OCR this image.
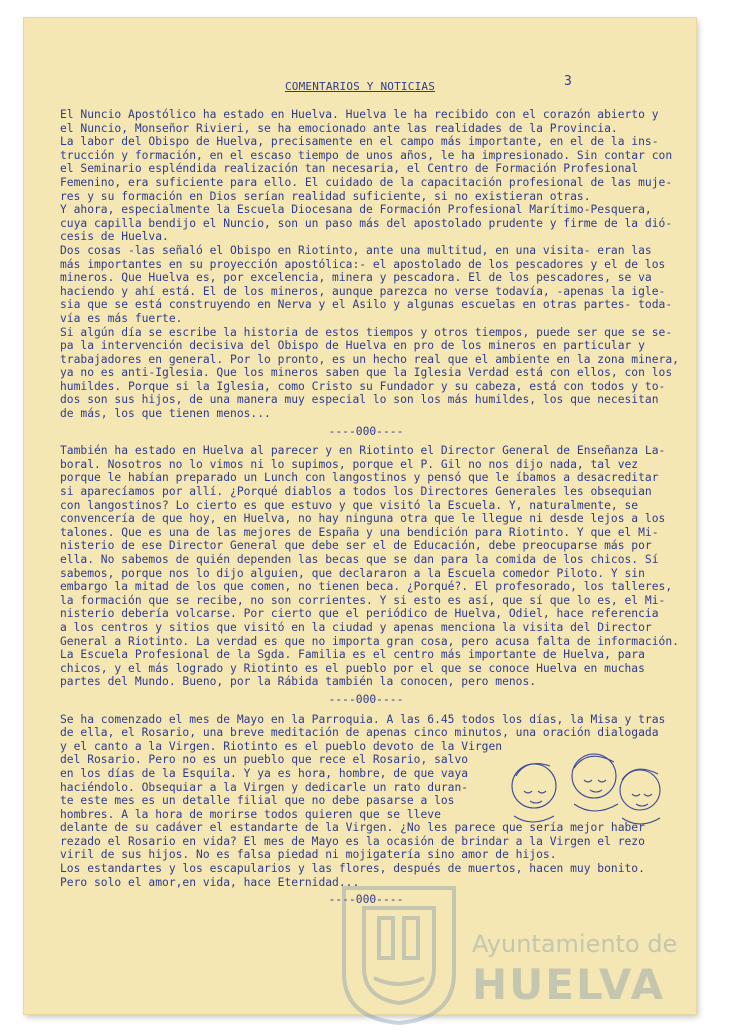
COMENTARIOS Y NOTICIAS	3
El Nuncio Apostólico ha estado en Huelva. Huelva le ha recibido con el corazón abierto y
el Nuncio, Monseñor Rivieri, se ha emocionado ante las realidades de la Provincia.
La labor del Obispo de Huelva, precisamente en el campo más importante, en el de la ins-
trucción y formación, en el escaso tiempo de unos años, le ha impresionado. Sin contar con
el Seminario espléndida realización tan necesaria, el Centro de Formación Profesional
Femenino, era suficiente para ello. El cuidado de la capacitación profesional de las muje-
res y su formación en Dios serían realidad suficiente, si no existieran otras.
Y ahora, especialmente la Escuela Diocesana de Formación Profesional Marítimo-Pesquera,
cuya capilla bendijo el Nuncio, son un paso más del apostolado prudente y firme de la dió-
cesis de Huelva.
Dos cosas -las señaló el Obispo en Riotinto, ante una multitud, en una visita- eran las
más importantes en su proyección apostólica:- el apostolado de los pescadores y el de los
mineros. Que Huelva es, por excelencia, minera y pescadora. El de los pescadores, se va
haciendo y ahí está. El de los mineros, aunque parezca no verse todavía, -apenas la igle-
sia que se está construyendo en Nerva y el Asilo y algunas escuelas en otras partes- toda-
vía es más fuerte.
Si algún día se escribe la historia de estos tiempos y otros tiempos, puede ser que se se-
pa la intervención decisiva del Obispo de Huelva en pro de los mineros en particular y
trabajadores en general. Por lo pronto, es un hecho real que el ambiente en la zona minera,
ya no es anti-Iglesia. Que los mineros saben que la Iglesia Verdad está con ellos, con los
humildes. Porque si la Iglesia, como Cristo su Fundador y su cabeza, está con todos y to-
dos son sus hijos, de una manera muy especial lo son los más humildes, los que necesitan
de más, los que tienen menos...
----000----
También ha estado en Huelva al parecer y en Riotinto el Director General de Enseñanza La-
boral. Nosotros no lo vimos ni lo supimos, porque el P. Gil no nos dijo nada, tal vez
porque le habían preparado un Lunch con langostinos y pensó que le íbamos a desacreditar
si aparecíamos por allí. ¿Porqué diablos a todos los Directores Generales les obsequian
con langostinos? Lo cierto es que estuvo y que visitó la Escuela. Y, naturalmente, se
convencería de que hoy, en Huelva, no hay ninguna otra que le llegue ni desde lejos a los
talones. Que es una de las mejores de España y una bendición para Riotinto. Y que el Mi-
nisterio de ese Director General que debe ser el de Educación, debe preocuparse más por
ella. No sabemos de quién dependen las becas que se dan para la comida de los chicos. Sí
sabemos, porque nos lo dijo alguien, que declararon a la Escuela comedor Piloto. Y sin
embargo la mitad de los que comen, no tienen beca. ¿Porqué?. El profesorado, los talleres,
la formación que se recibe, no son corrientes. Y si esto es así, que sí que lo es, el Mi-
nisterio debería volcarse. Por cierto que el periódico de Huelva, Odiel, hace referencia
a los centros y sitios que visitó en la ciudad y apenas menciona la visita del Director
General a Riotinto. La verdad es que no importa gran cosa, pero acusa falta de información.
La Escuela Profesional de la Sgda. Familia es el centro más importante de Huelva, para
chicos, y el más logrado y Riotinto es el pueblo por el que se conoce Huelva en muchas
partes del Mundo. Bueno, por la Rábida también la conocen, pero menos.
----000----
Se ha comenzado el mes de Mayo en la Parroquia. A las 6.45 todos los días, la Misa y tras
de ella, el Rosario, una breve meditación de apenas cinco minutos, una oración dialogada
y el canto a la Virgen. Riotinto es el pueblo devoto de la Virgen
del Rosario. Pero no es un pueblo que rece el Rosario, salvo
en los días de la Esquila. Y ya es hora, hombre, de que vaya
haciéndolo. Obsequiar a la Virgen y dedicarle un rato duran-
te este mes es un detalle filial que no debe pasarse a los
hombres. A la hora de morirse todos quieren que se lleve
delante de su cadáver el estandarte de la Virgen. ¿No les parece que sería mejor haber
rezado el Rosario en vida? El mes de Mayo es la ocasión de brindar a la Virgen el rezo
viril de sus hijos. No es falsa piedad ni mojigatería sino amor de hijos.
Los estandartes y los escapularios y las flores, después de muertos, hacen muy bonito.
Pero solo el amor,en vida, hace Eternidad...
----000----
Ayuntamiento de
HUELVA
